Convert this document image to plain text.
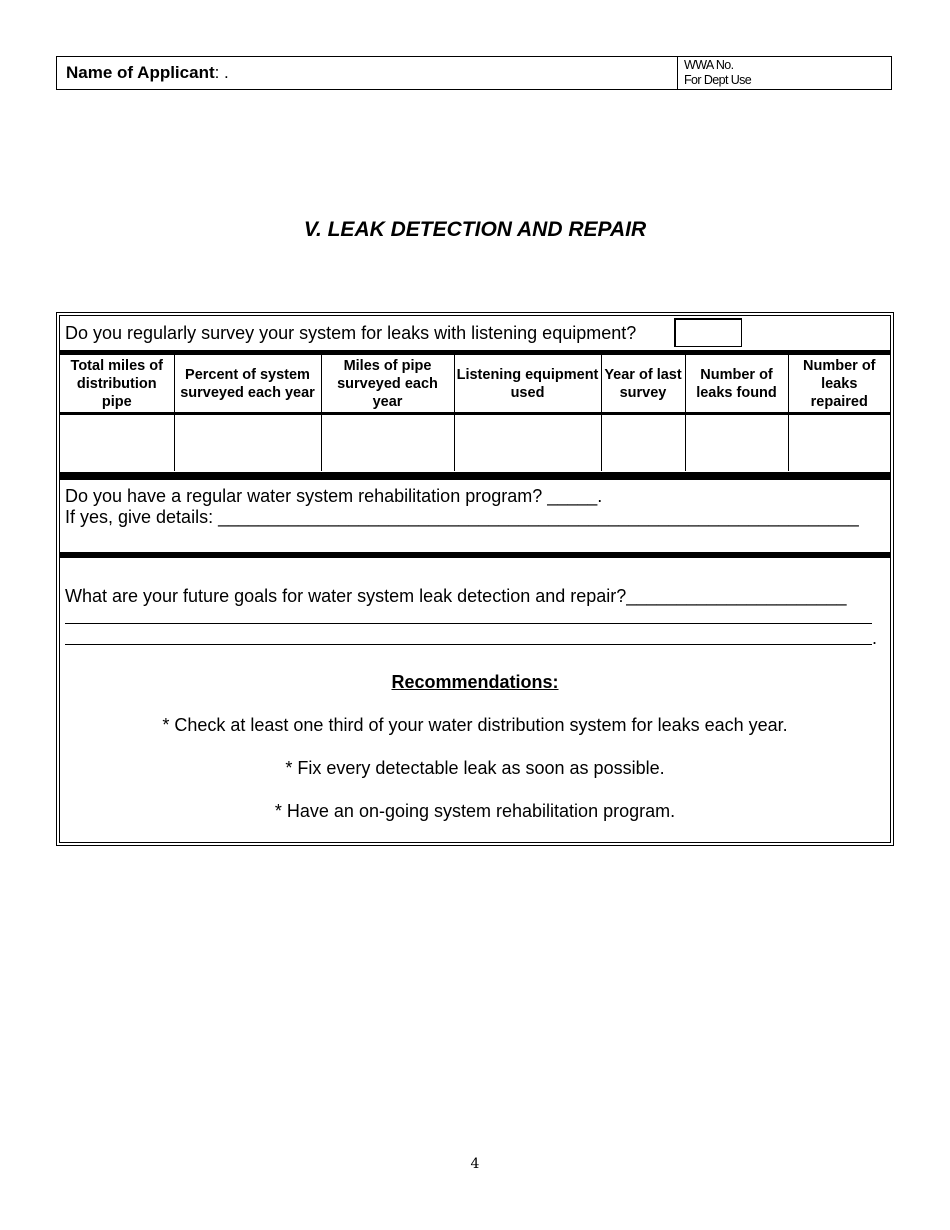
Name of Applicant : .	WWA No.
For Dept Use
V. LEAK DETECTION AND REPAIR
Do you regularly survey your system for leaks with listening equipment?
Total miles of distribution pipe	Percent of system surveyed each year	Miles of pipe surveyed each year	Listening equipment used	Year of last survey	Number of leaks found	Number of leaks repaired

Do you have a regular water system rehabilitation program? _____.
If yes, give details: ________________________________________________________________
What are your future goals for water system leak detection and repair?______________________
.
Recommendations:
* Check at least one third of your water distribution system for leaks each year.
* Fix every detectable leak as soon as possible.
* Have an on-going system rehabilitation program.
4
